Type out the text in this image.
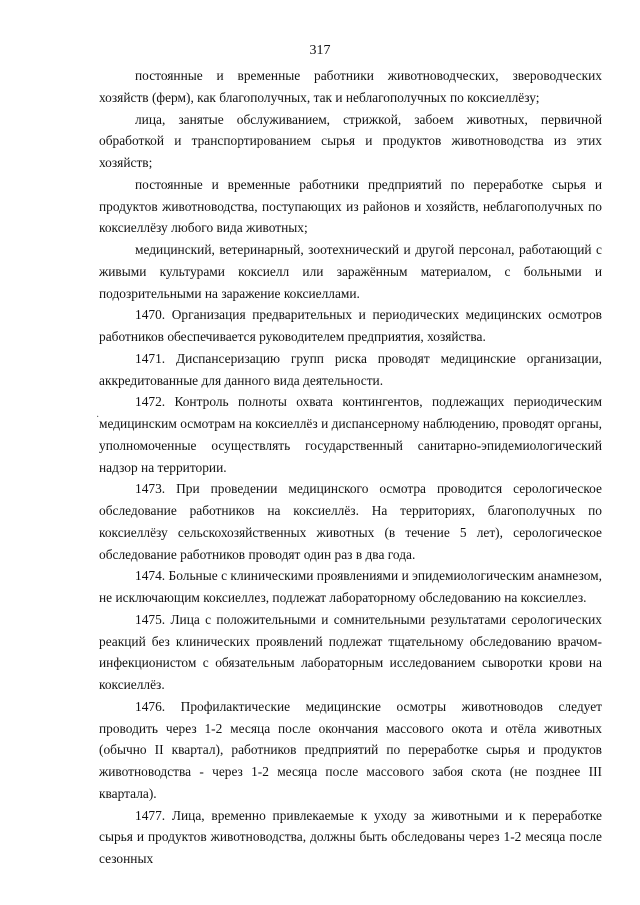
317

постоянные и временные работники животноводческих, звероводческих хозяйств (ферм), как благополучных, так и неблагополучных по коксиеллёзу;

лица, занятые обслуживанием, стрижкой, забоем животных, первичной обработкой и транспортированием сырья и продуктов животноводства из этих хозяйств;

постоянные и временные работники предприятий по переработке сырья и продуктов животноводства, поступающих из районов и хозяйств, неблагополучных по коксиеллёзу любого вида животных;

медицинский, ветеринарный, зоотехнический и другой персонал, работающий с живыми культурами коксиелл или заражённым материалом, с больными и подозрительными на заражение коксиеллами.

1470. Организация предварительных и периодических медицинских осмотров работников обеспечивается руководителем предприятия, хозяйства.

1471. Диспансеризацию групп риска проводят медицинские организации, аккредитованные для данного вида деятельности.

1472. Контроль полноты охвата контингентов, подлежащих периодическим медицинским осмотрам на коксиеллёз и диспансерному наблюдению, проводят органы, уполномоченные осуществлять государственный санитарно-эпидемиологический надзор на территории.

1473. При проведении медицинского осмотра проводится серологическое обследование работников на коксиеллёз. На территориях, благополучных по коксиеллёзу сельскохозяйственных животных (в течение 5 лет), серологическое обследование работников проводят один раз в два года.

1474. Больные с клиническими проявлениями и эпидемиологическим анамнезом, не исключающим коксиеллез, подлежат лабораторному обследованию на коксиеллез.

1475. Лица с положительными и сомнительными результатами серологических реакций без клинических проявлений подлежат тщательному обследованию врачом-инфекционистом с обязательным лабораторным исследованием сыворотки крови на коксиеллёз.

1476. Профилактические медицинские осмотры животноводов следует проводить через 1-2 месяца после окончания массового окота и отёла животных (обычно II квартал), работников предприятий по переработке сырья и продуктов животноводства - через 1-2 месяца после массового забоя скота (не позднее III квартала).

1477. Лица, временно привлекаемые к уходу за животными и к переработке сырья и продуктов животноводства, должны быть обследованы через 1-2 месяца после сезонных

·
